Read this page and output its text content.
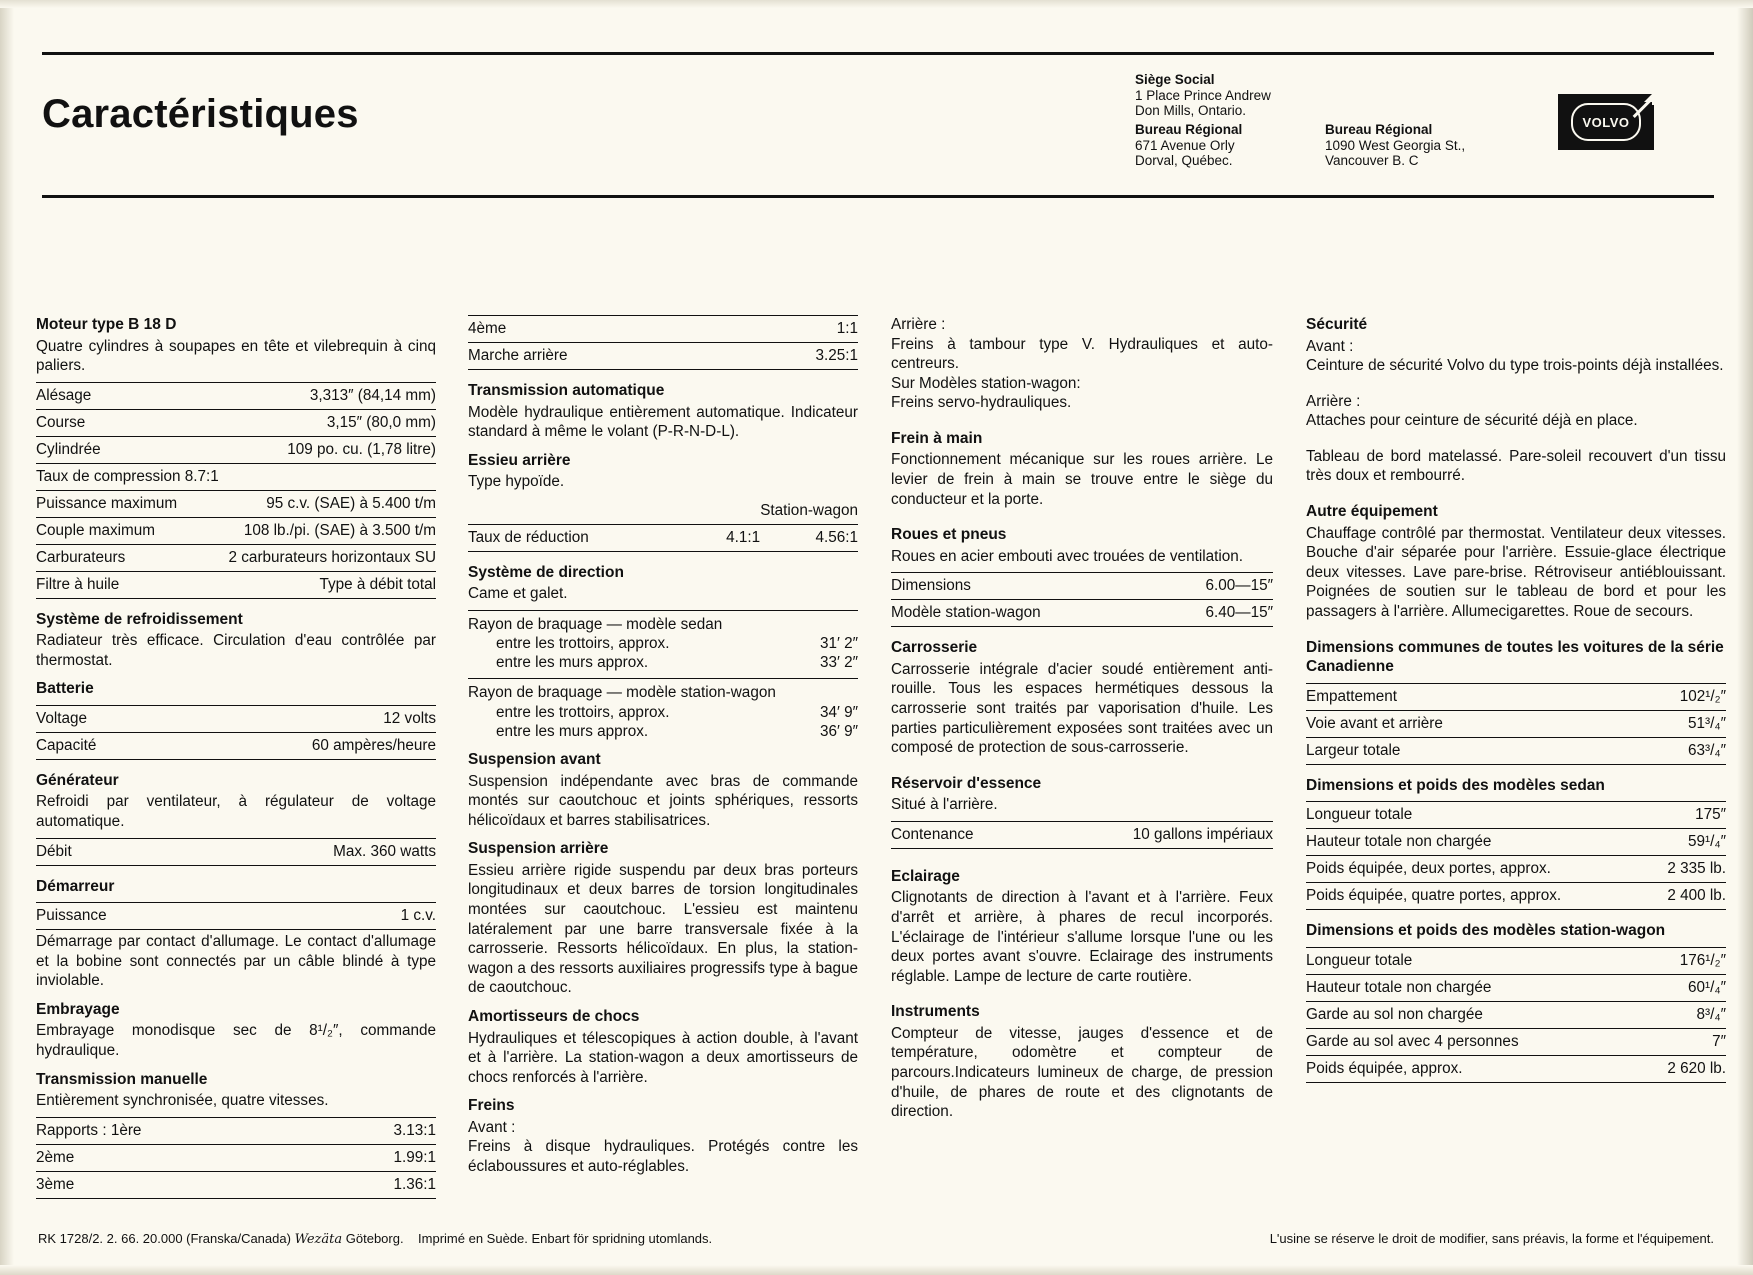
Caractéristiques
Siège Social
1 Place Prince Andrew
Don Mills, Ontario.
Bureau Régional
671 Avenue Orly
Dorval, Québec.
Bureau Régional
1090 West Georgia St.,
Vancouver B. C
VOLVO
Moteur type B 18 D

Quatre cylindres à soupapes en tête et vilebrequin à cinq paliers.

Alésage	3,313″ (84,14 mm)
Course	3,15″ (80,0 mm)
Cylindrée	109 po. cu. (1,78 litre)
Taux de compression 8.7:1	
Puissance maximum	95 c.v. (SAE) à 5.400 t/m
Couple maximum	108 lb./pi. (SAE) à 3.500 t/m
Carburateurs	2 carburateurs horizontaux SU
Filtre à huile	Type à débit total
Système de refroidissement

Radiateur très efficace. Circulation d'eau contrôlée par thermostat.

Batterie
Voltage	12 volts
Capacité	60 ampères/heure
Générateur

Refroidi par ventilateur, à régulateur de voltage automatique.

Débit	Max. 360 watts
Démarreur
Puissance	1 c.v.

Démarrage par contact d'allumage. Le contact d'allumage et la bobine sont connectés par un câble blindé à type inviolable.

Embrayage

Embrayage monodisque sec de 8¹/₂″, commande hydraulique.

Transmission manuelle

Entièrement synchronisée, quatre vitesses.

Rapports : 1ère	3.13:1
2ème	1.99:1
3ème	1.36:1
4ème	1:1
Marche arrière	3.25:1
Transmission automatique

Modèle hydraulique entièrement automatique. Indicateur standard à même le volant (P-R-N-D-L).

Essieu arrière

Type hypoïde.

		Station-wagon
Taux de réduction	4.1:1	4.56:1
Système de direction

Came et galet.

Rayon de braquage — modèle sedan
entre les trottoirs, approx.	31′ 2″
entre les murs approx.	33′ 2″
Rayon de braquage — modèle station-wagon
entre les trottoirs, approx.	34′ 9″
entre les murs approx.	36′ 9″
Suspension avant

Suspension indépendante avec bras de commande montés sur caoutchouc et joints sphériques, ressorts hélicoïdaux et barres stabilisatrices.

Suspension arrière

Essieu arrière rigide suspendu par deux bras porteurs longitudinaux et deux barres de torsion longitudinales montées sur caoutchouc. L'essieu est maintenu latéralement par une barre transversale fixée à la carrosserie. Ressorts hélicoïdaux. En plus, la station-wagon a des ressorts auxiliaires progressifs type à bague de caoutchouc.

Amortisseurs de chocs

Hydrauliques et télescopiques à action double, à l'avant et à l'arrière. La station-wagon a deux amortisseurs de chocs renforcés à l'arrière.

Freins

Avant :

Freins à disque hydrauliques. Protégés contre les éclaboussures et auto-réglables.

Arrière :

Freins à tambour type V. Hydrauliques et auto-centreurs.

Sur Modèles station-wagon:

Freins servo-hydrauliques.

Frein à main

Fonctionnement mécanique sur les roues arrière. Le levier de frein à main se trouve entre le siège du conducteur et la porte.

Roues et pneus

Roues en acier embouti avec trouées de ventilation.

Dimensions	6.00—15″
Modèle station-wagon	6.40—15″
Carrosserie

Carrosserie intégrale d'acier soudé entièrement anti-rouille. Tous les espaces hermétiques dessous la carrosserie sont traités par vaporisation d'huile. Les parties particulièrement exposées sont traitées avec un composé de protection de sous-carrosserie.

Réservoir d'essence

Situé à l'arrière.

Contenance	10 gallons impériaux
Eclairage

Clignotants de direction à l'avant et à l'arrière. Feux d'arrêt et arrière, à phares de recul incorporés. L'éclairage de l'intérieur s'allume lorsque l'une ou les deux portes avant s'ouvre. Eclairage des instruments réglable. Lampe de lecture de carte routière.

Instruments

Compteur de vitesse, jauges d'essence et de température, odomètre et compteur de parcours.Indicateurs lumineux de charge, de pression d'huile, de phares de route et des clignotants de direction.

Sécurité

Avant :

Ceinture de sécurité Volvo du type trois-points déjà installées.

Arrière :

Attaches pour ceinture de sécurité déjà en place.

Tableau de bord matelassé. Pare-soleil recouvert d'un tissu très doux et rembourré.

Autre équipement

Chauffage contrôlé par thermostat. Ventilateur deux vitesses. Bouche d'air séparée pour l'arrière. Essuie-glace électrique deux vitesses. Lave pare-brise. Rétroviseur antiéblouissant. Poignées de soutien sur le tableau de bord et pour les passagers à l'arrière. Allumecigarettes. Roue de secours.

Dimensions communes de toutes les voitures de la série Canadienne
Empattement	102¹/₂″
Voie avant et arrière	51³/₄″
Largeur totale	63³/₄″
Dimensions et poids des modèles sedan
Longueur totale	175″
Hauteur totale non chargée	59¹/₄″
Poids équipée, deux portes, approx.	2 335 lb.
Poids équipée, quatre portes, approx.	2 400 lb.
Dimensions et poids des modèles station-wagon
Longueur totale	176¹/₂″
Hauteur totale non chargée	60¹/₄″
Garde au sol non chargée	8³/₄″
Garde au sol avec 4 personnes	7″
Poids équipée, approx.	2 620 lb.
RK 1728/2. 2. 66. 20.000 (Franska/Canada) Wezäta Göteborg. Imprimé en Suède. Enbart för spridning utomlands.	L'usine se réserve le droit de modifier, sans préavis, la forme et l'équipement.
